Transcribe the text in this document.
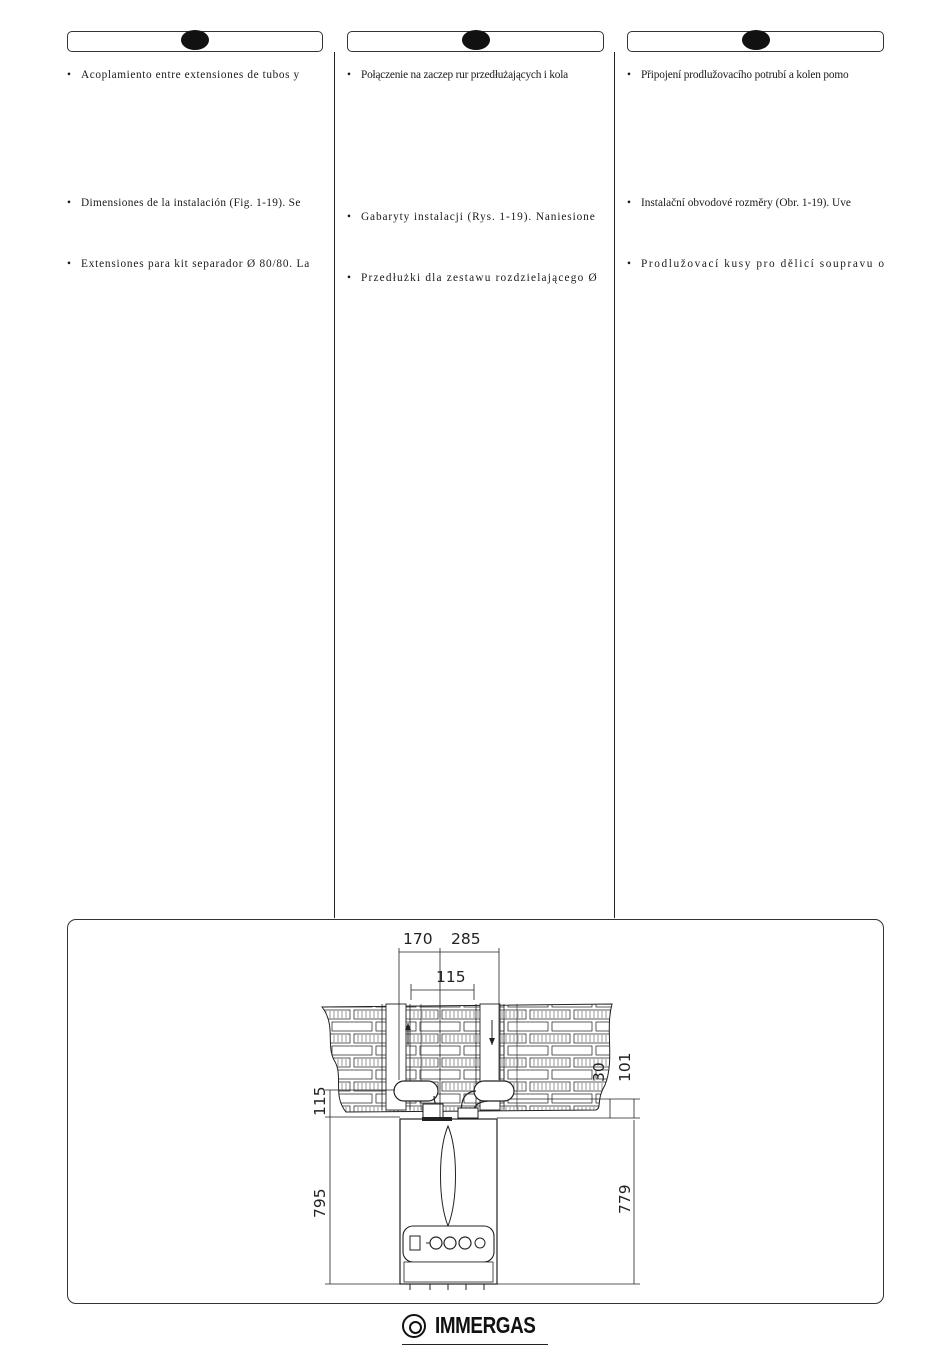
• Acoplamiento entre extensiones de tubos y
• Dimensiones de la instalación (Fig. 1-19). Se
• Extensiones para kit separador Ø 80/80. La
• Połączenie na zaczep rur przedłużających i kola
• Gabaryty instalacji (Rys. 1-19). Naniesione
• Przedłużki dla zestawu rozdzielającego Ø
• Připojení prodlužovacího potrubí a kolen pomo
• Instalační obvodové rozměry (Obr. 1-19). Uve
• Prodlužovací kusy pro dělicí soupravu o
170 285
115
115
795
30 101
779
IMMERGAS
